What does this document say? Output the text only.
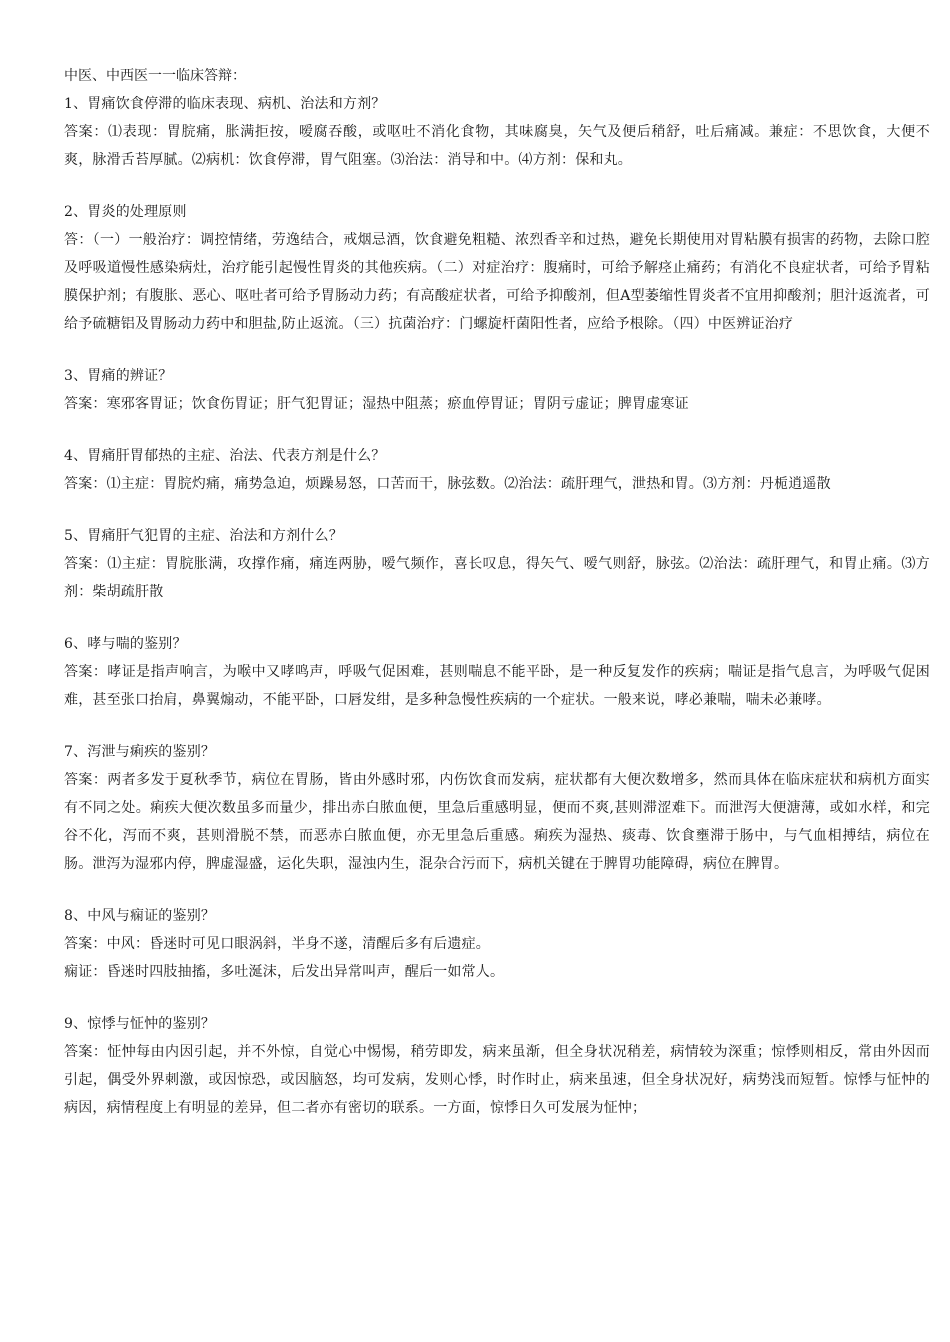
中医、中西医一一临床答辩：

1、胃痛饮食停滞的临床表现、病机、治法和方剂？

答案：⑴表现：胃脘痛，胀满拒按，嗳腐吞酸，或呕吐不消化食物，其味腐臭，矢气及便后稍舒，吐后痛减。兼症：不思饮食，大便不爽，脉滑舌苔厚腻。⑵病机：饮食停滞，胃气阻塞。⑶治法：消导和中。⑷方剂：保和丸。

2、胃炎的处理原则

答：（一）一般治疗：调控情绪，劳逸结合，戒烟忌酒，饮食避免粗糙、浓烈香辛和过热，避免长期使用对胃粘膜有损害的药物，去除口腔及呼吸道慢性感染病灶，治疗能引起慢性胃炎的其他疾病。（二）对症治疗：腹痛时，可给予解痉止痛药；有消化不良症状者，可给予胃粘膜保护剂；有腹胀、恶心、呕吐者可给予胃肠动力药；有高酸症状者，可给予抑酸剂，但A型萎缩性胃炎者不宜用抑酸剂；胆汁返流者，可给予硫糖铝及胃肠动力药中和胆盐,防止返流。（三）抗菌治疗：门螺旋杆菌阳性者，应给予根除。（四）中医辨证治疗

3、胃痛的辨证？

答案：寒邪客胃证；饮食伤胃证；肝气犯胃证；湿热中阻蒸；瘀血停胃证；胃阴亏虚证；脾胃虚寒证

4、胃痛肝胃郁热的主症、治法、代表方剂是什么？

答案：⑴主症：胃脘灼痛，痛势急迫，烦躁易怒，口苦而干，脉弦数。⑵治法：疏肝理气，泄热和胃。⑶方剂：丹栀逍遥散

5、胃痛肝气犯胃的主症、治法和方剂什么？

答案：⑴主症：胃脘胀满，攻撑作痛，痛连两胁，嗳气频作，喜长叹息，得矢气、嗳气则舒，脉弦。⑵治法：疏肝理气，和胃止痛。⑶方剂：柴胡疏肝散

6、哮与喘的鉴别？

答案：哮证是指声响言，为喉中又哮鸣声，呼吸气促困难，甚则喘息不能平卧，是一种反复发作的疾病；喘证是指气息言，为呼吸气促困难，甚至张口抬肩，鼻翼煽动，不能平卧，口唇发绀，是多种急慢性疾病的一个症状。一般来说，哮必兼喘，喘未必兼哮。

7、泻泄与痢疾的鉴别？

答案：两者多发于夏秋季节，病位在胃肠，皆由外感时邪，内伤饮食而发病，症状都有大便次数增多，然而具体在临床症状和病机方面实有不同之处。痢疾大便次数虽多而量少，排出赤白脓血便，里急后重感明显，便而不爽,甚则滞涩难下。而泄泻大便溏薄，或如水样，和完谷不化，泻而不爽，甚则滑脱不禁，而恶赤白脓血便，亦无里急后重感。痢疾为湿热、痰毒、饮食壅滞于肠中，与气血相搏结，病位在肠。泄泻为湿邪内停，脾虚湿盛，运化失职，湿浊内生，混杂合污而下，病机关键在于脾胃功能障碍，病位在脾胃。

8、中风与痫证的鉴别？

答案：中风：昏迷时可见口眼涡斜，半身不遂，清醒后多有后遗症。

痫证：昏迷时四肢抽搐，多吐涎沫，后发出异常叫声，醒后一如常人。

9、惊悸与怔忡的鉴别？

答案：怔忡每由内因引起，并不外惊，自觉心中惕惕，稍劳即发，病来虽渐，但全身状况稍差，病情较为深重；惊悸则相反，常由外因而引起，偶受外界刺激，或因惊恐，或因脑怒，均可发病，发则心悸，时作时止，病来虽速，但全身状况好，病势浅而短暂。惊悸与怔忡的病因，病情程度上有明显的差异，但二者亦有密切的联系。一方面，惊悸日久可发展为怔忡；
